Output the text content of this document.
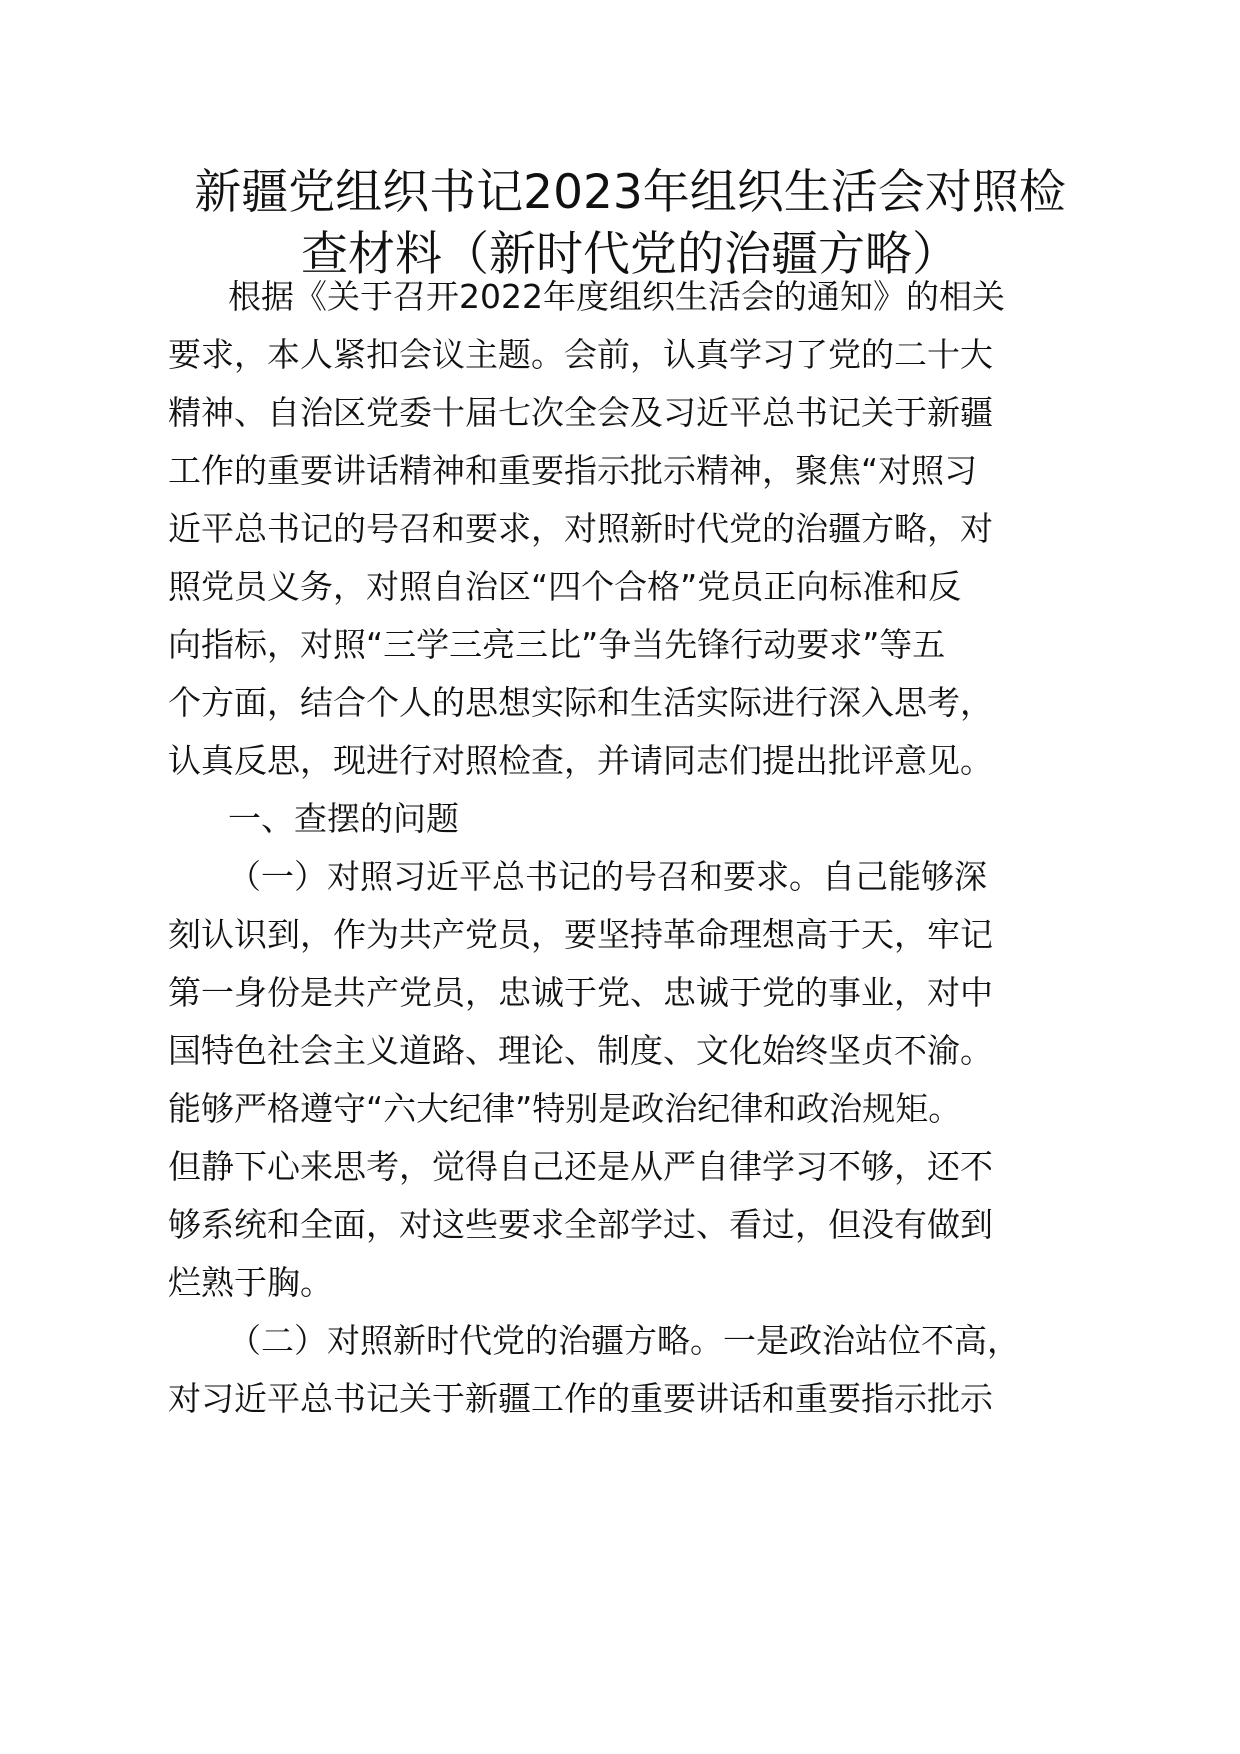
新疆党组织书记2023年组织生活会对照检
查材料（新时代党的治疆方略）
根据《关于召开2022年度组织生活会的通知》的相关
要求，本人紧扣会议主题。会前，认真学习了党的二十大
精神、自治区党委十届七次全会及习近平总书记关于新疆
工作的重要讲话精神和重要指示批示精神，聚焦“对照习
近平总书记的号召和要求，对照新时代党的治疆方略，对
照党员义务，对照自治区“四个合格”党员正向标准和反
向指标，对照“三学三亮三比”争当先锋行动要求”等五
个方面，结合个人的思想实际和生活实际进行深入思考，
认真反思，现进行对照检查，并请同志们提出批评意见。
一、查摆的问题
（一）对照习近平总书记的号召和要求。自己能够深
刻认识到，作为共产党员，要坚持革命理想高于天，牢记
第一身份是共产党员，忠诚于党、忠诚于党的事业，对中
国特色社会主义道路、理论、制度、文化始终坚贞不渝。
能够严格遵守“六大纪律”特别是政治纪律和政治规矩。
但静下心来思考，觉得自己还是从严自律学习不够，还不
够系统和全面，对这些要求全部学过、看过，但没有做到
烂熟于胸。
（二）对照新时代党的治疆方略。一是政治站位不高，
对习近平总书记关于新疆工作的重要讲话和重要指示批示
